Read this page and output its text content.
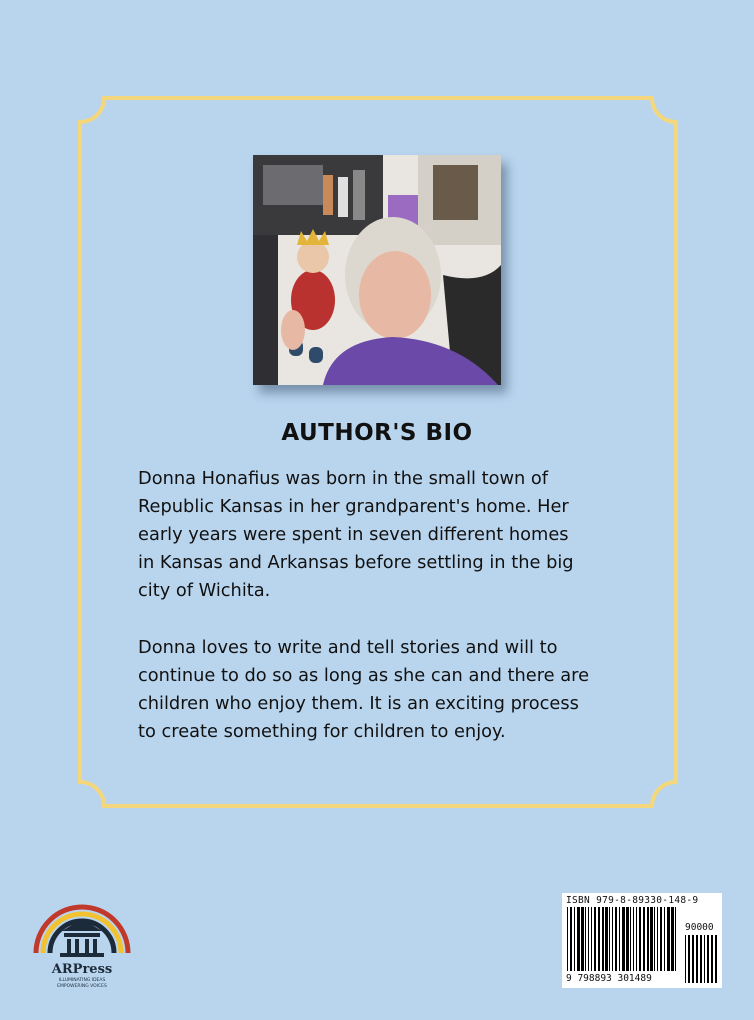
AUTHOR'S BIO

Donna Honafius was born in the small town of
Republic Kansas in her grandparent's home. Her
early years were spent in seven different homes
in Kansas and Arkansas before settling in the big
city of Wichita.

Donna loves to write and tell stories and will to
continue to do so as long as she can and there are
children who enjoy them. It is an exciting process
to create something for children to enjoy.

ARPress
ILLUMINATING IDEAS
EMPOWERING VOICES
ISBN 979-8-89330-148-9
90000
9 798893 301489
